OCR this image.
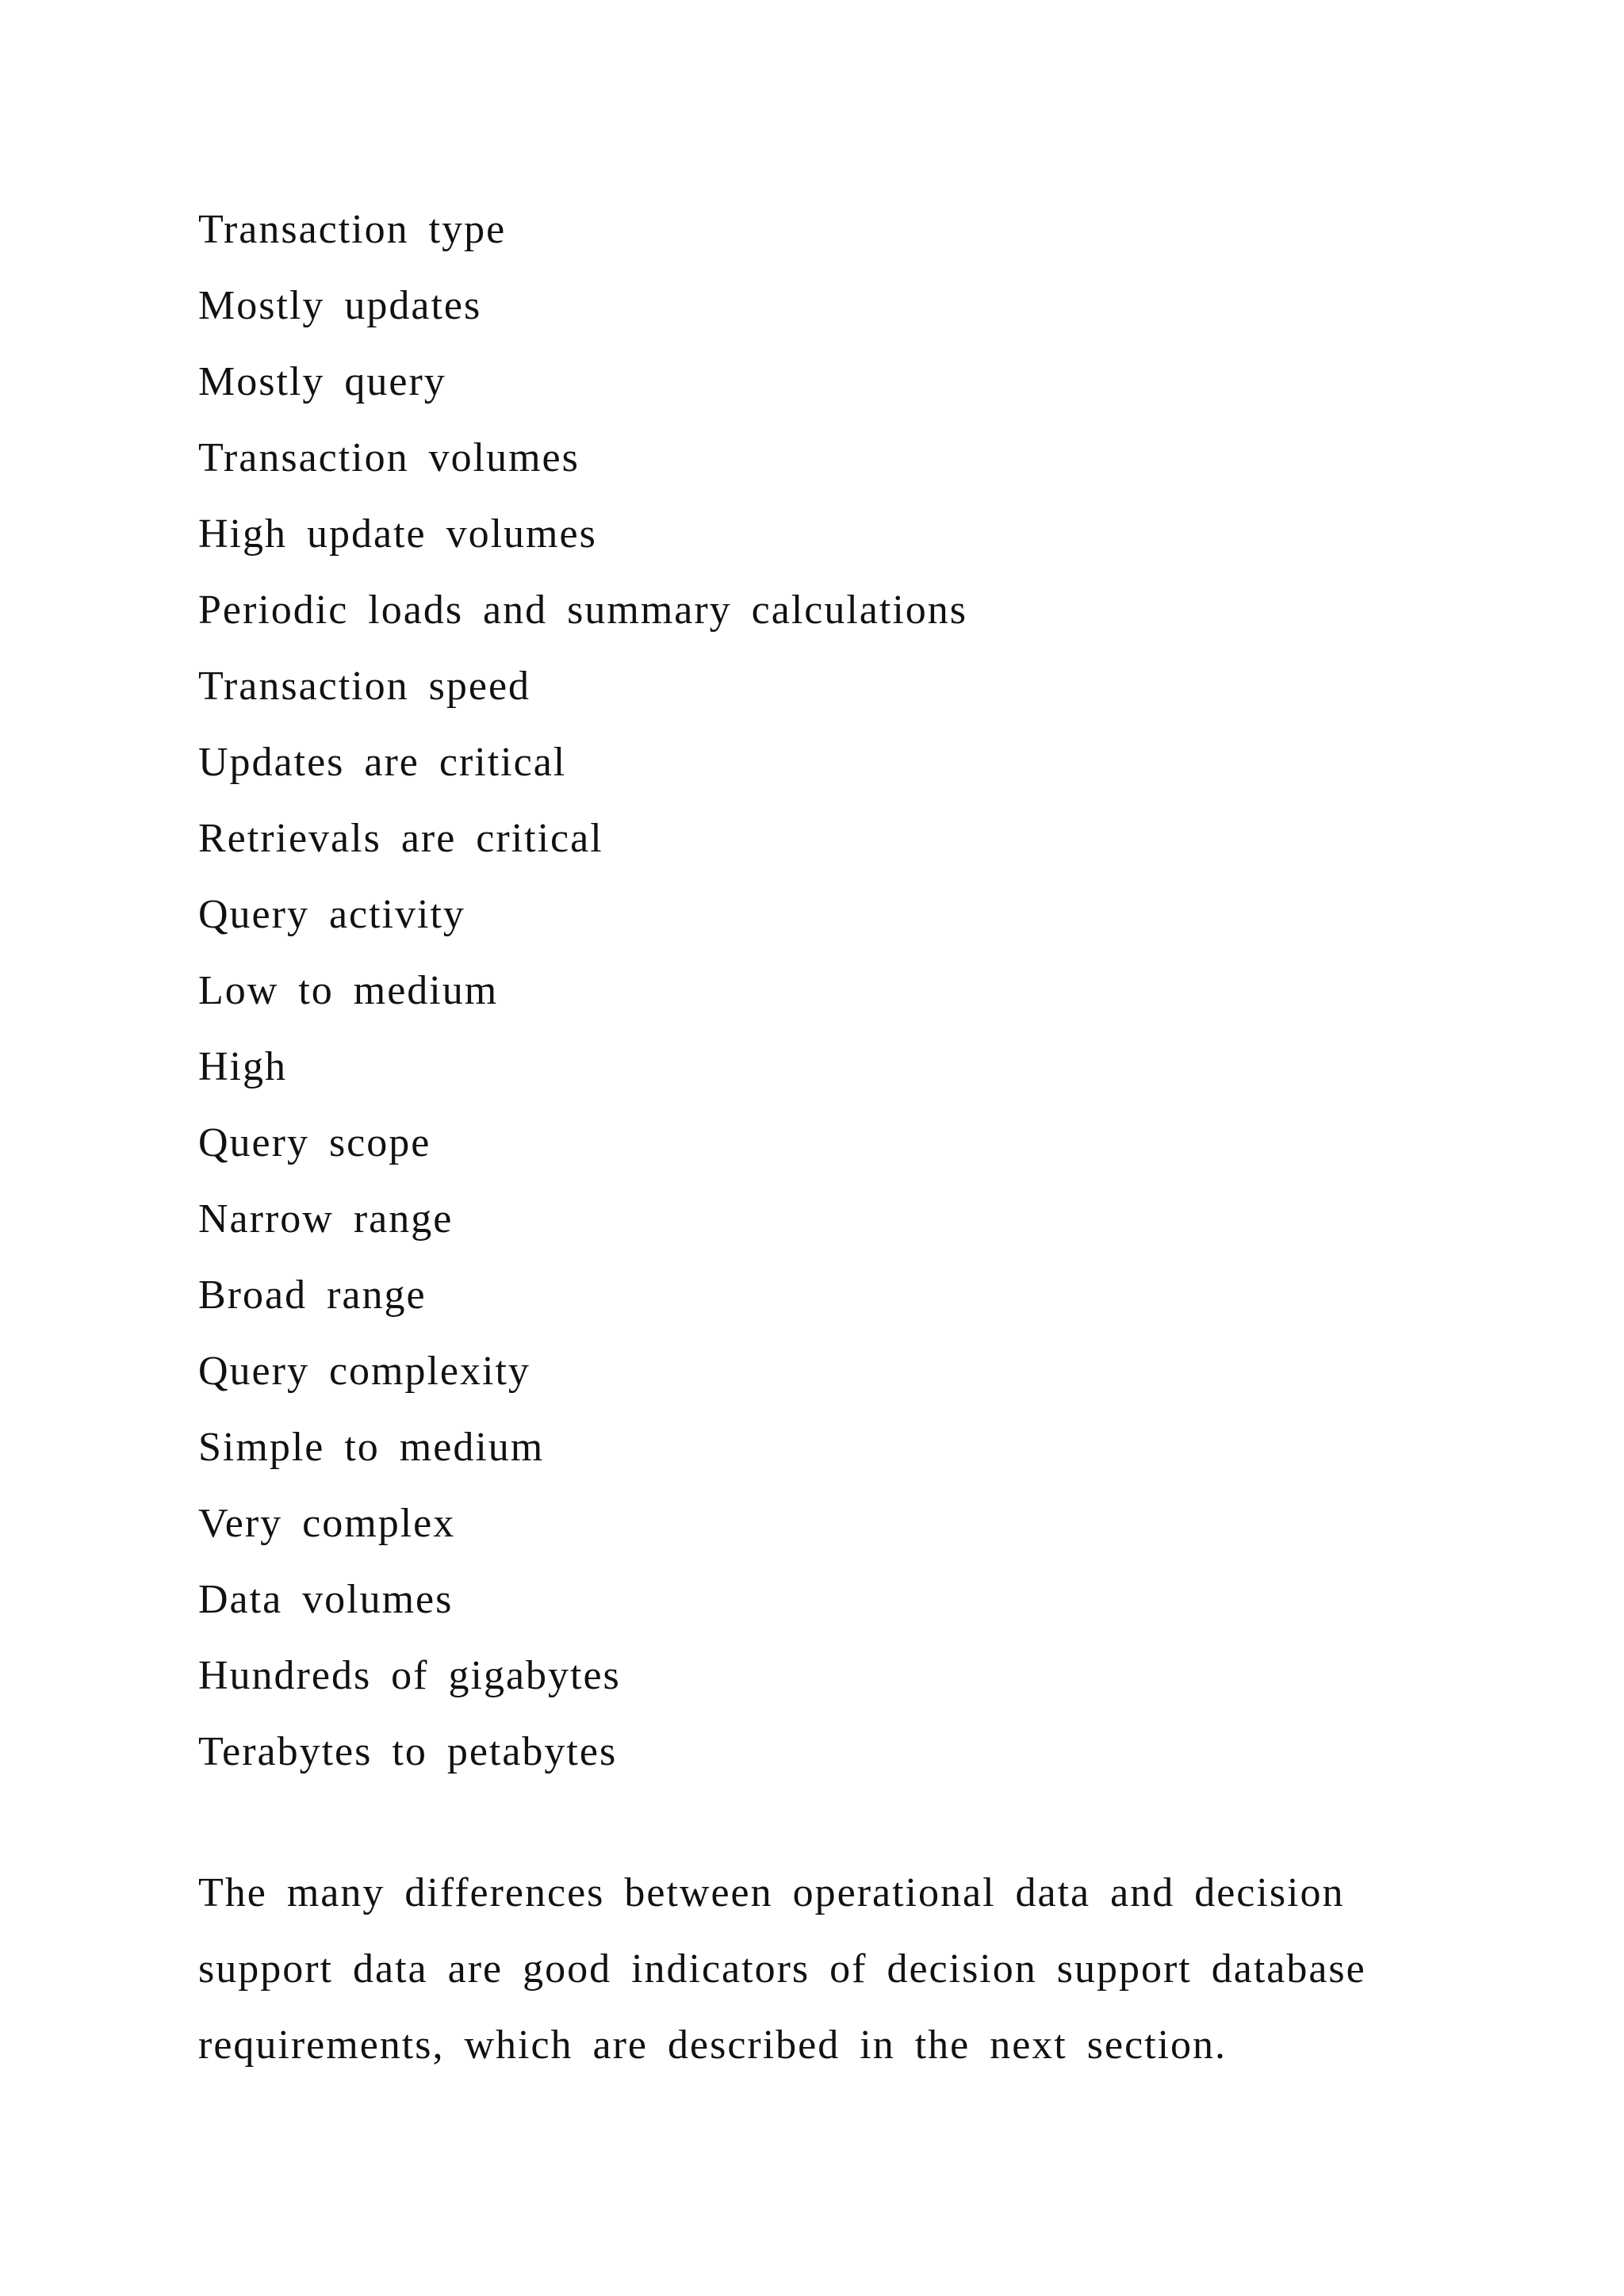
Transaction type
Mostly updates
Mostly query
Transaction volumes
High update volumes
Periodic loads and summary calculations
Transaction speed
Updates are critical
Retrievals are critical
Query activity
Low to medium
High
Query scope
Narrow range
Broad range
Query complexity
Simple to medium
Very complex
Data volumes
Hundreds of gigabytes
Terabytes to petabytes
The many differences between operational data and decision
support data are good indicators of decision support database
requirements, which are described in the next section.
